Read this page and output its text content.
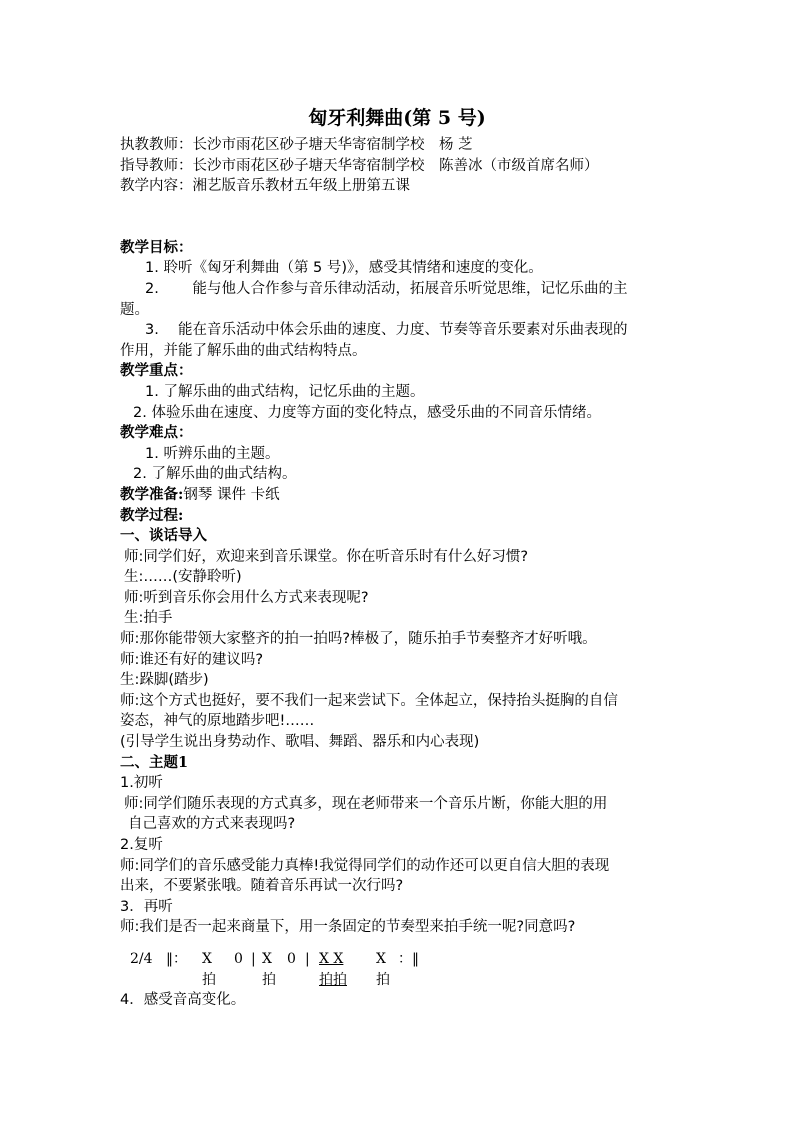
匈牙利舞曲(第 5 号)
执教教师：长沙市雨花区砂子塘天华寄宿制学校　杨 芝
指导教师：长沙市雨花区砂子塘天华寄宿制学校　陈善冰（市级首席名师）
教学内容：湘艺版音乐教材五年级上册第五课
教学目标：
1. 聆听《匈牙利舞曲（第 5 号)》，感受其情绪和速度的变化。
2.　　 能与他人合作参与音乐律动活动，拓展音乐听觉思维，记忆乐曲的主
题。
3.　 能在音乐活动中体会乐曲的速度、力度、节奏等音乐要素对乐曲表现的
作用，并能了解乐曲的曲式结构特点。
教学重点：
1. 了解乐曲的曲式结构，记忆乐曲的主题。
2. 体验乐曲在速度、力度等方面的变化特点，感受乐曲的不同音乐情绪。
教学难点：
1. 听辨乐曲的主题。
2. 了解乐曲的曲式结构。
教学准备:钢琴 课件 卡纸
教学过程:
一、谈话导入
师:同学们好，欢迎来到音乐课堂。你在听音乐时有什么好习惯?
生:……(安静聆听)
师:听到音乐你会用什么方式来表现呢?
生:拍手
师:那你能带领大家整齐的拍一拍吗?棒极了，随乐拍手节奏整齐才好听哦。
师:谁还有好的建议吗?
生:跺脚(踏步)
师:这个方式也挺好，要不我们一起来尝试下。全体起立，保持抬头挺胸的自信
姿态，神气的原地踏步吧!……
(引导学生说出身势动作、歌唱、舞蹈、器乐和内心表现)
二、主题1
1.初听
师:同学们随乐表现的方式真多，现在老师带来一个音乐片断，你能大胆的用
自己喜欢的方式来表现吗?
2.复听
师:同学们的音乐感受能力真棒!我觉得同学们的动作还可以更自信大胆的表现
出来，不要紧张哦。随着音乐再试一次行吗?
3．再听
师:我们是否一起来商量下，用一条固定的节奏型来拍手统一呢?同意吗?
2/4 ‖： X 0 | X 0 | X X	X ：‖
拍	拍	拍拍	拍
4．感受音高变化。
